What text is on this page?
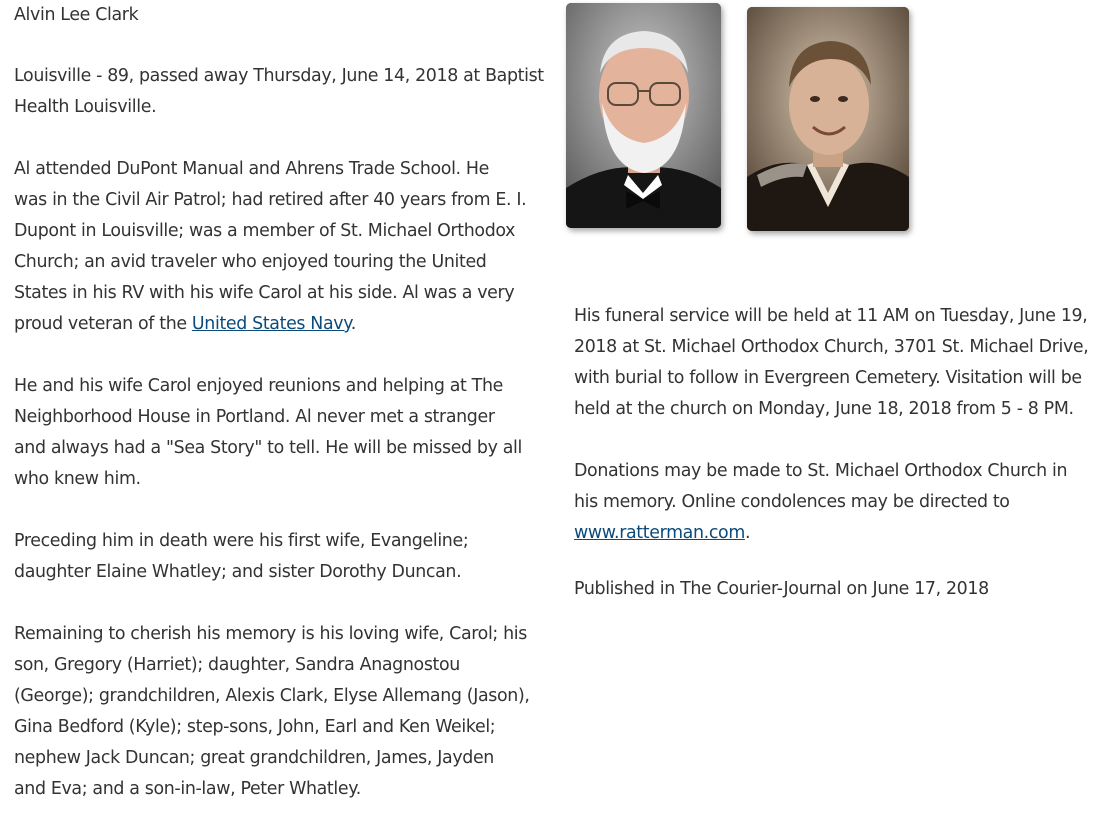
Alvin Lee Clark

Louisville - 89, passed away Thursday, June 14, 2018 at Baptist
Health Louisville.

Al attended DuPont Manual and Ahrens Trade School. He
was in the Civil Air Patrol; had retired after 40 years from E. I.
Dupont in Louisville; was a member of St. Michael Orthodox
Church; an avid traveler who enjoyed touring the United
States in his RV with his wife Carol at his side. Al was a very
proud veteran of the United States Navy.

He and his wife Carol enjoyed reunions and helping at The
Neighborhood House in Portland. Al never met a stranger
and always had a "Sea Story" to tell. He will be missed by all
who knew him.

Preceding him in death were his first wife, Evangeline;
daughter Elaine Whatley; and sister Dorothy Duncan.

Remaining to cherish his memory is his loving wife, Carol; his
son, Gregory (Harriet); daughter, Sandra Anagnostou
(George); grandchildren, Alexis Clark, Elyse Allemang (Jason),
Gina Bedford (Kyle); step-sons, John, Earl and Ken Weikel;
nephew Jack Duncan; great grandchildren, James, Jayden
and Eva; and a son-in-law, Peter Whatley.

His funeral service will be held at 11 AM on Tuesday, June 19,
2018 at St. Michael Orthodox Church, 3701 St. Michael Drive,
with burial to follow in Evergreen Cemetery. Visitation will be
held at the church on Monday, June 18, 2018 from 5 - 8 PM.

Donations may be made to St. Michael Orthodox Church in
his memory. Online condolences may be directed to
www.ratterman.com.

Published in The Courier-Journal on June 17, 2018
